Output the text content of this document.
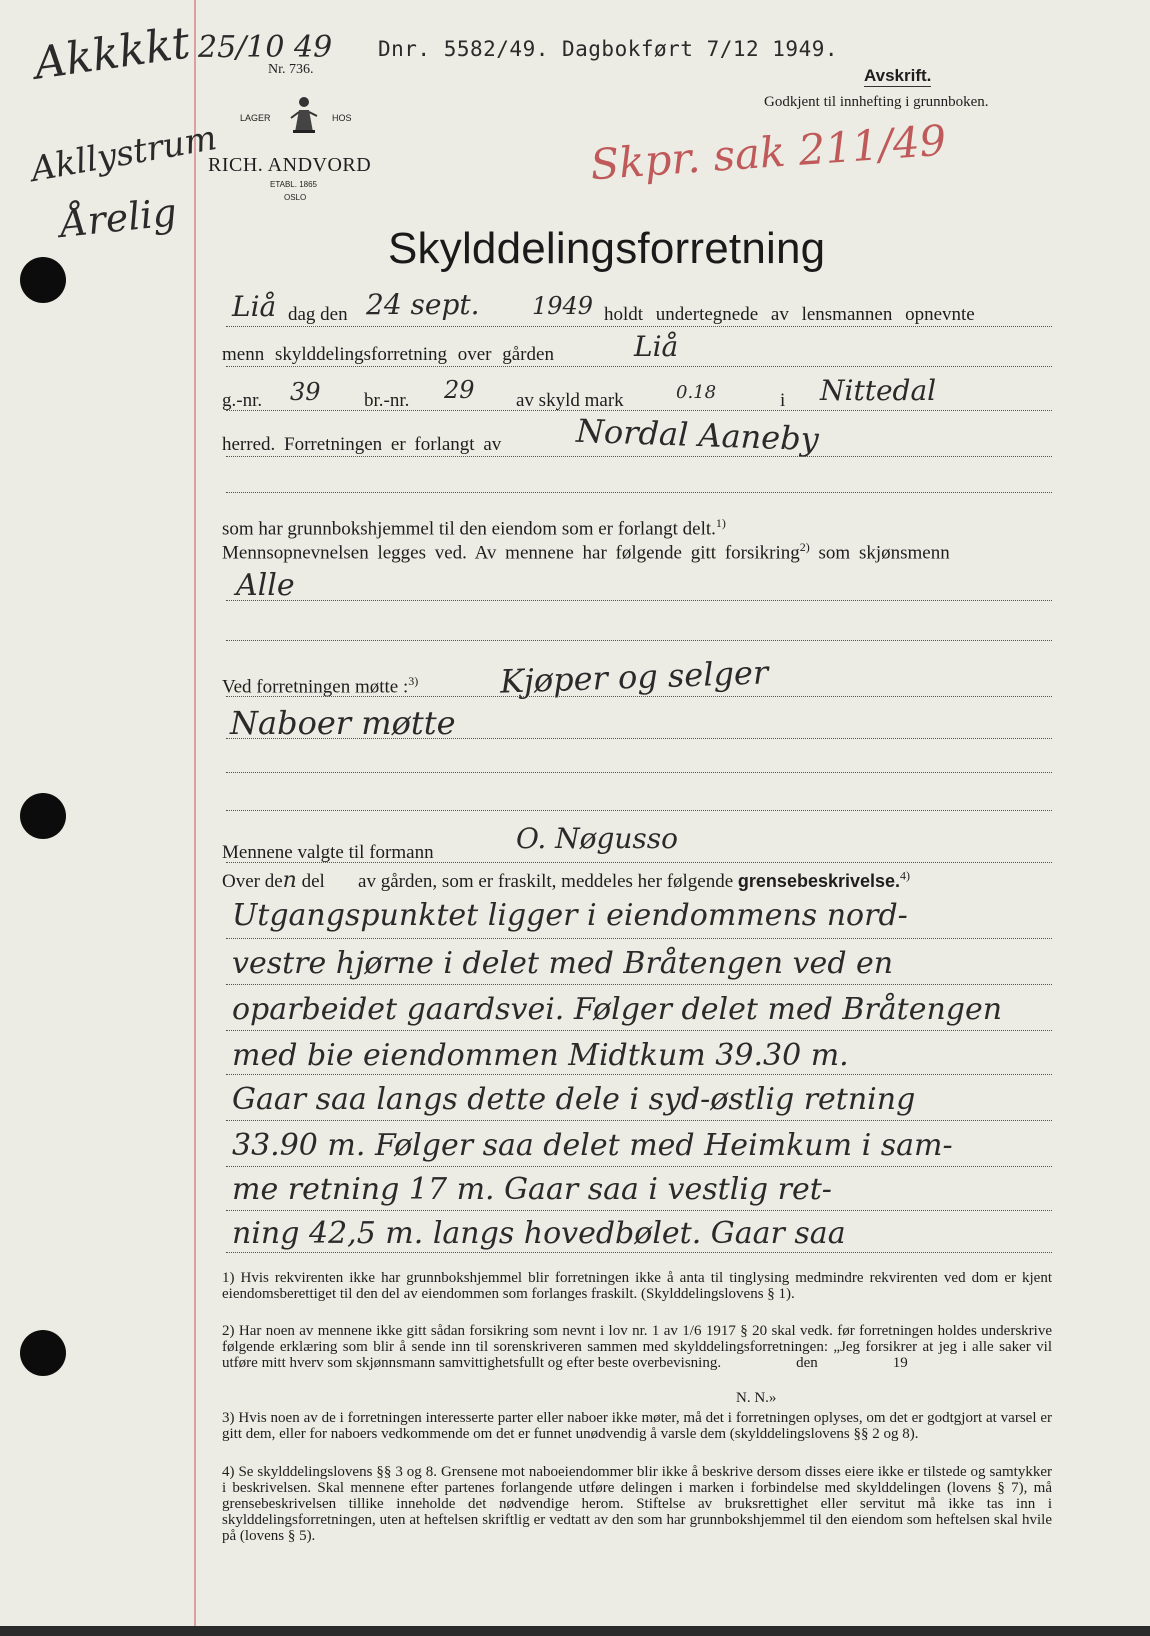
Akkkkt
Akllystrum
Årelig
25/10 49
Nr. 736.
Dnr. 5582/49. Dagbokført 7/12 1949.
Avskrift.
Godkjent til innhefting i grunnboken.
Skpr. sak 211/49
LAGER	HOS
RICH. ANDVORD
ETABL. 1865
OSLO
Skylddelingsforretning
Liå dag den 24 sept. 1949 holdt undertegnede av lensmannen opnevnte
menn skylddelingsforretning over gården	Liå
g.-nr. 39 br.-nr. 29 av skyld mark	0.18	i Nittedal
herred. Forretningen er forlangt av Nordal Aaneby
som har grunnbokshjemmel til den eiendom som er forlangt delt.$^{1)}$
Mennsopnevnelsen legges ved. Av mennene har følgende gitt forsikring$^{2)}$ som skjønsmenn
Alle
Ved forretningen møtte :$^{3)}$	Kjøper og selger
Naboer møtte
Mennene valgte til formann	O. Nøgusso
Over den del       av gården, som er fraskilt, meddeles her følgende grensebeskrivelse.$^{4)}$
Utgangspunktet ligger i eiendommens nord-
vestre hjørne i delet med Bråtengen ved en
oparbeidet gaardsvei. Følger delet med Bråtengen
med bie eiendommen Midtkum 39.30 m.
Gaar saa langs dette dele i syd-østlig retning
33.90 m. Følger saa delet med Heimkum i sam-
me retning 17 m. Gaar saa i vestlig ret-
ning 42,5 m. langs hovedbølet. Gaar saa
1) Hvis rekvirenten ikke har grunnbokshjemmel blir forretningen ikke å anta til tinglysing medmindre rekvirenten ved dom er kjent eiendomsberettiget til den del av eiendommen som forlanges fraskilt. (Skylddelingslovens § 1).
2) Har noen av mennene ikke gitt sådan forsikring som nevnt i lov nr. 1 av 1/6 1917 § 20 skal vedk. før forretningen holdes underskrive følgende erklæring som blir å sende inn til sorenskriveren sammen med skylddelingsforretningen: „Jeg forsikrer at jeg i alle saker vil utføre mitt hverv som skjønnsmann samvittighetsfullt og efter beste overbevisning.                    den                    19
N. N.»
3) Hvis noen av de i forretningen interesserte parter eller naboer ikke møter, må det i forretningen oplyses, om det er godtgjort at varsel er gitt dem, eller for naboers vedkommende om det er funnet unødvendig å varsle dem (skylddelingslovens §§ 2 og 8).
4) Se skylddelingslovens §§ 3 og 8. Grensene mot naboeiendommer blir ikke å beskrive dersom disses eiere ikke er tilstede og samtykker i beskrivelsen. Skal mennene efter partenes forlangende utføre delingen i marken i forbindelse med skylddelingen (lovens § 7), må grensebeskrivelsen tillike inneholde det nødvendige herom. Stiftelse av bruksrettighet eller servitut må ikke tas inn i skylddelingsforretningen, uten at heftelsen skriftlig er vedtatt av den som har grunnbokshjemmel til den eiendom som heftelsen skal hvile på (lovens § 5).
